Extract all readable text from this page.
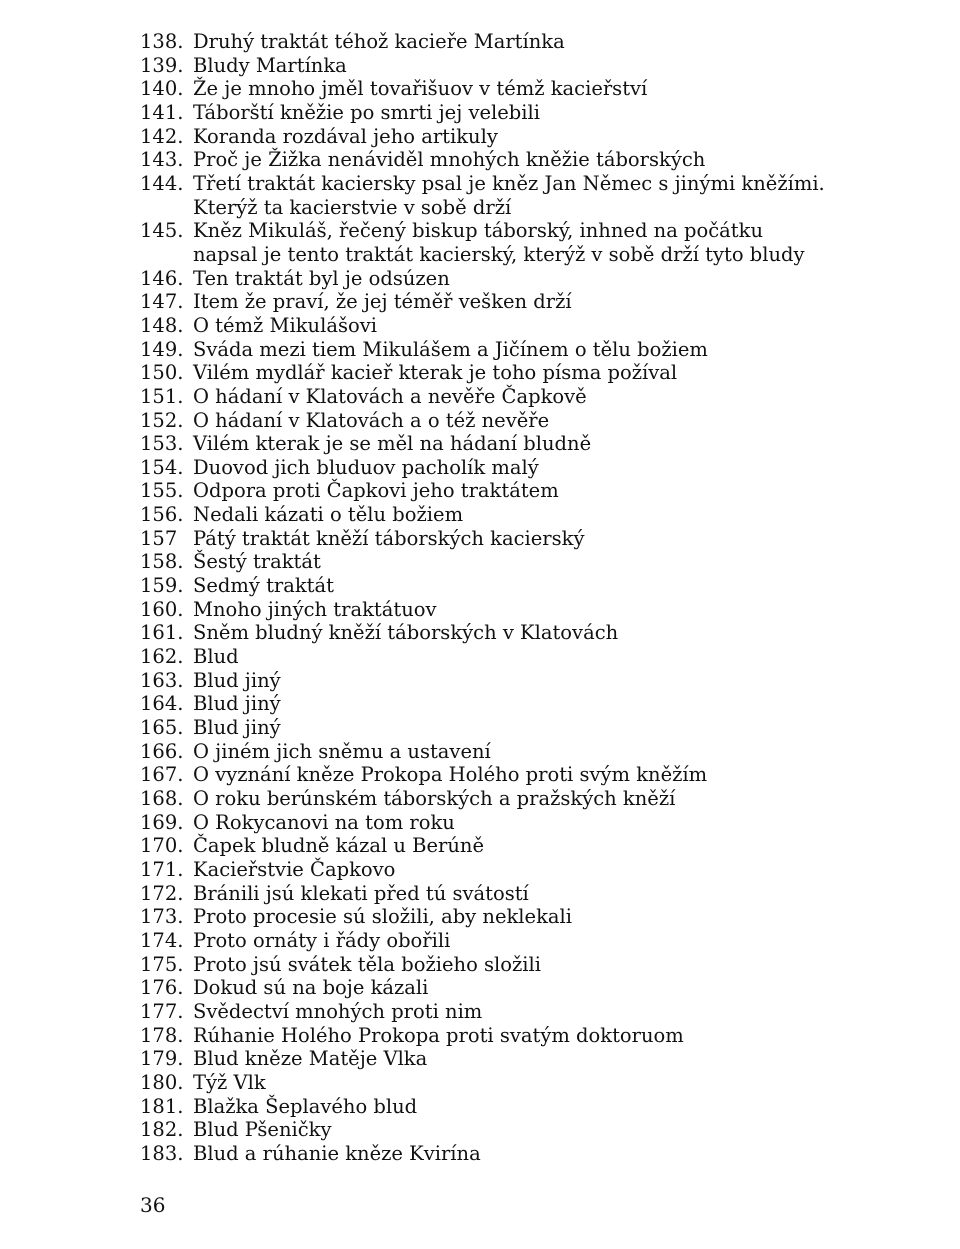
138. Druhý traktát téhož kacieře Martínka
139. Bludy Martínka
140. Že je mnoho jměl tovařišuov v témž kacieřství
141. Táborští kněžie po smrti jej velebili
142. Koranda rozdával jeho artikuly
143. Proč je Žižka nenáviděl mnohých kněžie táborských
144. Třetí traktát kaciersky psal je kněz Jan Němec s jinými kněžími.
Kterýž ta kacierstvie v sobě drží
145. Kněz Mikuláš, řečený biskup táborský, inhned na počátku
napsal je tento traktát kacierský, kterýž v sobě drží tyto bludy
146. Ten traktát byl je odsúzen
147. Item že praví, že jej téměř vešken drží
148. O témž Mikulášovi
149. Sváda mezi tiem Mikulášem a Jičínem o tělu božiem
150. Vilém mydlář kacieř kterak je toho písma požíval
151. O hádaní v Klatovách a nevěře Čapkově
152. O hádaní v Klatovách a o též nevěře
153. Vilém kterak je se měl na hádaní bludně
154. Duovod jich bluduov pacholík malý
155. Odpora proti Čapkovi jeho traktátem
156. Nedali kázati o tělu božiem
157 Pátý traktát kněží táborských kacierský
158. Šestý traktát
159. Sedmý traktát
160. Mnoho jiných traktátuov
161. Sněm bludný kněží táborských v Klatovách
162. Blud
163. Blud jiný
164. Blud jiný
165. Blud jiný
166. O jiném jich sněmu a ustavení
167. O vyznání kněze Prokopa Holého proti svým kněžím
168. O roku berúnském táborských a pražských kněží
169. O Rokycanovi na tom roku
170. Čapek bludně kázal u Berúně
171. Kacieřstvie Čapkovo
172. Bránili jsú klekati před tú svátostí
173. Proto procesie sú složili, aby neklekali
174. Proto ornáty i řády obořili
175. Proto jsú svátek těla božieho složili
176. Dokud sú na boje kázali
177. Svědectví mnohých proti nim
178. Rúhanie Holého Prokopa proti svatým doktoruom
179. Blud kněze Matěje Vlka
180. Týž Vlk
181. Blažka Šeplavého blud
182. Blud Pšeničky
183. Blud a rúhanie kněze Kvirína
36
